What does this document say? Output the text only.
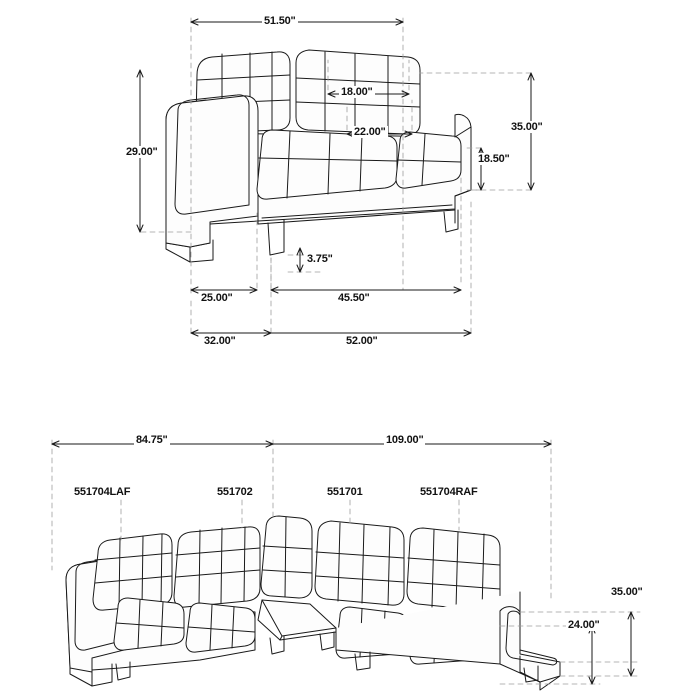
51.50"
18.00"
22.00"	35.00"
29.00"
18.50"
3.75"
25.00"	45.50"
32.00"	52.00"
84.75"	109.00"
35.00"
24.00"
551704LAF	551702	551701	551704RAF
